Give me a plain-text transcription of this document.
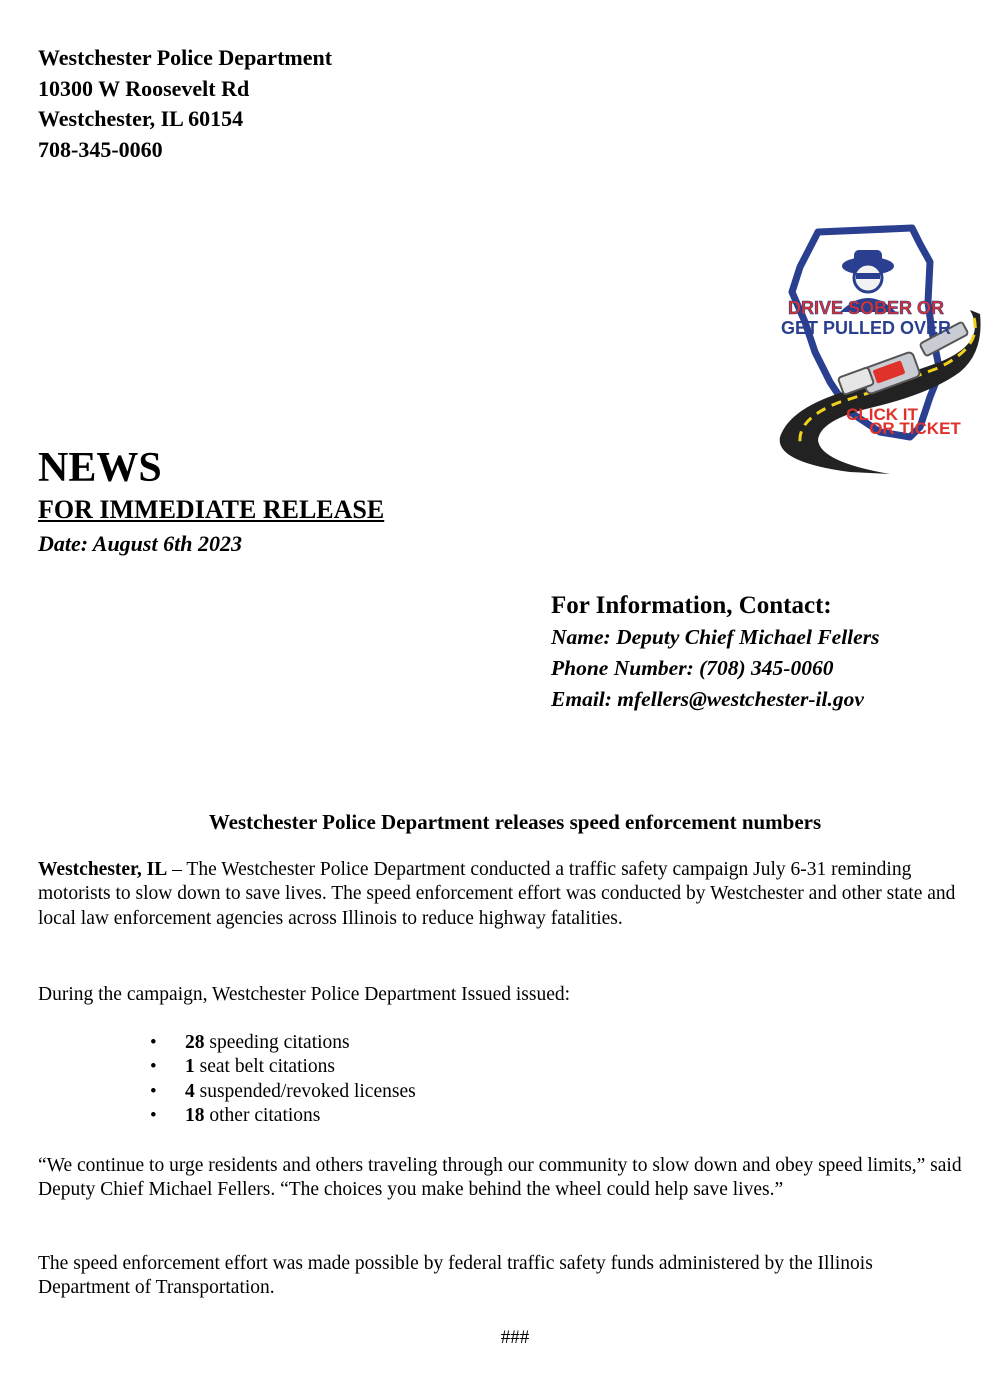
Westchester Police Department
10300 W Roosevelt Rd
Westchester, IL 60154
708-345-0060
DRIVE SOBER OR
GET PULLED OVER
CLICK IT
OR TICKET
NEWS
FOR IMMEDIATE RELEASE
Date: August 6th 2023
For Information, Contact:
Name: Deputy Chief Michael Fellers
Phone Number: (708) 345-0060
Email: mfellers@westchester-il.gov
Westchester Police Department releases speed enforcement numbers
Westchester, IL – The Westchester Police Department conducted a traffic safety campaign July 6-31 reminding motorists to slow down to save lives. The speed enforcement effort was conducted by Westchester and other state and local law enforcement agencies across Illinois to reduce highway fatalities.
During the campaign, Westchester Police Department Issued issued:
• 28 speeding citations
• 1 seat belt citations
• 4 suspended/revoked licenses
• 18 other citations
“We continue to urge residents and others traveling through our community to slow down and obey speed limits,” said Deputy Chief Michael Fellers. “The choices you make behind the wheel could help save lives.”
The speed enforcement effort was made possible by federal traffic safety funds administered by the Illinois Department of Transportation.
###
